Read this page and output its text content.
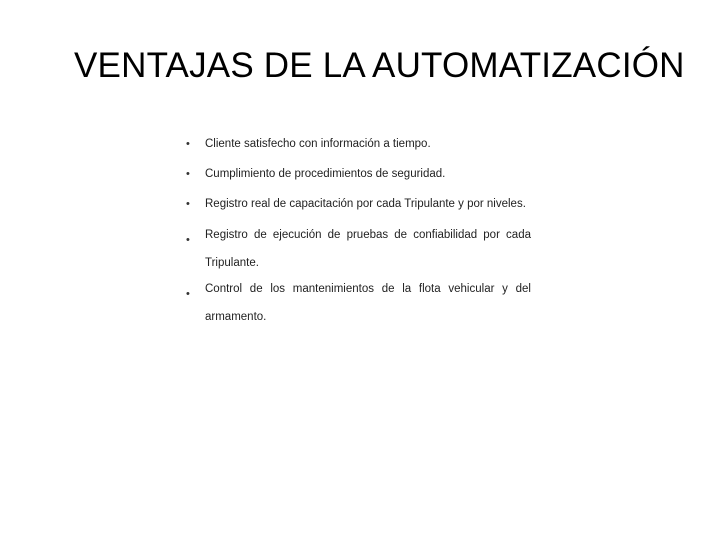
VENTAJAS DE LA AUTOMATIZACIÓN
• Cliente satisfecho con información a tiempo.
• Cumplimiento de procedimientos de seguridad.
• Registro real de capacitación por cada Tripulante y por niveles.
• Registro de ejecución de pruebas de confiabilidad por cada Tripulante.
• Control de los mantenimientos de la flota vehicular y del armamento.
